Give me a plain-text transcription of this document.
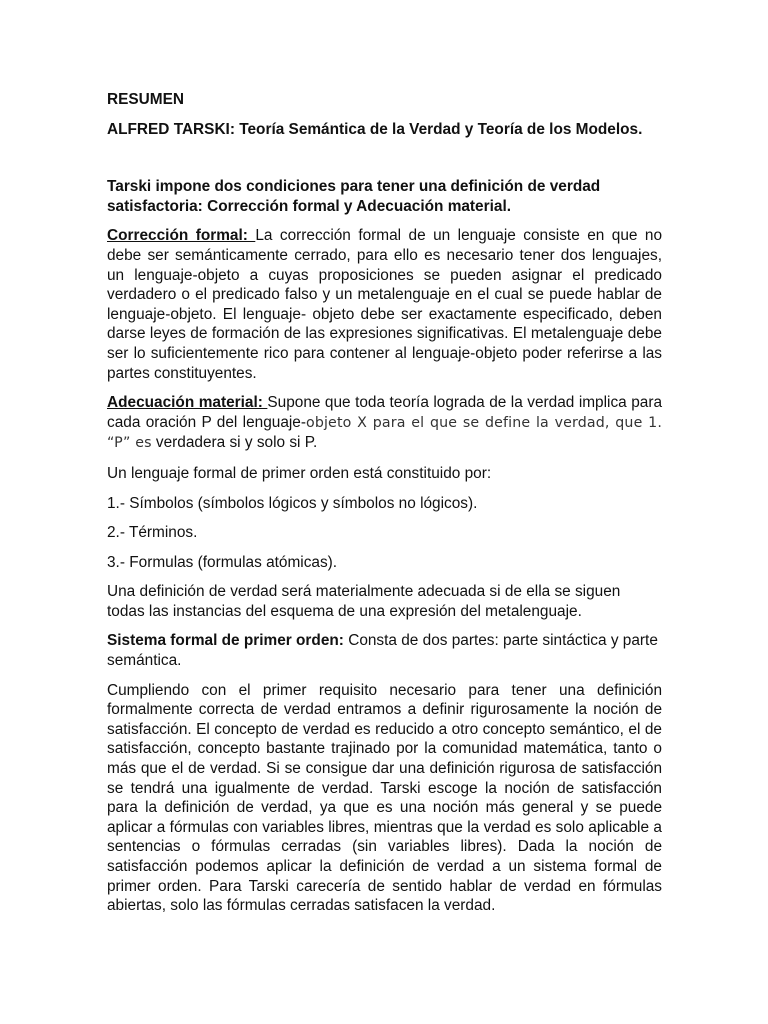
RESUMEN

ALFRED TARSKI: Teoría Semántica de la Verdad y Teoría de los Modelos.

Tarski impone dos condiciones para tener una definición de verdad satisfactoria: Corrección formal y Adecuación material.

Corrección formal: La corrección formal de un lenguaje consiste en que no debe ser semánticamente cerrado, para ello es necesario tener dos lenguajes, un lenguaje-objeto a cuyas proposiciones se pueden asignar el predicado verdadero o el predicado falso y un metalenguaje en el cual se puede hablar de lenguaje-objeto. El lenguaje- objeto debe ser exactamente especificado, deben darse leyes de formación de las expresiones significativas. El metalenguaje debe ser lo suficientemente rico para contener al lenguaje-objeto poder referirse a las partes constituyentes.

Adecuación material: Supone que toda teoría lograda de la verdad implica para cada oración P del lenguaje-objeto X para el que se define la verdad, que 1. “P” es verdadera si y solo si P.

Un lenguaje formal de primer orden está constituido por:

1.- Símbolos (símbolos lógicos y símbolos no lógicos).

2.- Términos.

3.- Formulas (formulas atómicas).

Una definición de verdad será materialmente adecuada si de ella se siguen todas las instancias del esquema de una expresión del metalenguaje.

Sistema formal de primer orden: Consta de dos partes: parte sintáctica y parte semántica.

Cumpliendo con el primer requisito necesario para tener una definición formalmente correcta de verdad entramos a definir rigurosamente la noción de satisfacción. El concepto de verdad es reducido a otro concepto semántico, el de satisfacción, concepto bastante trajinado por la comunidad matemática, tanto o más que el de verdad. Si se consigue dar una definición rigurosa de satisfacción se tendrá una igualmente de verdad. Tarski escoge la noción de satisfacción para la definición de verdad, ya que es una noción más general y se puede aplicar a fórmulas con variables libres, mientras que la verdad es solo aplicable a sentencias o fórmulas cerradas (sin variables libres). Dada la noción de satisfacción podemos aplicar la definición de verdad a un sistema formal de primer orden. Para Tarski carecería de sentido hablar de verdad en fórmulas abiertas, solo las fórmulas cerradas satisfacen la verdad.
